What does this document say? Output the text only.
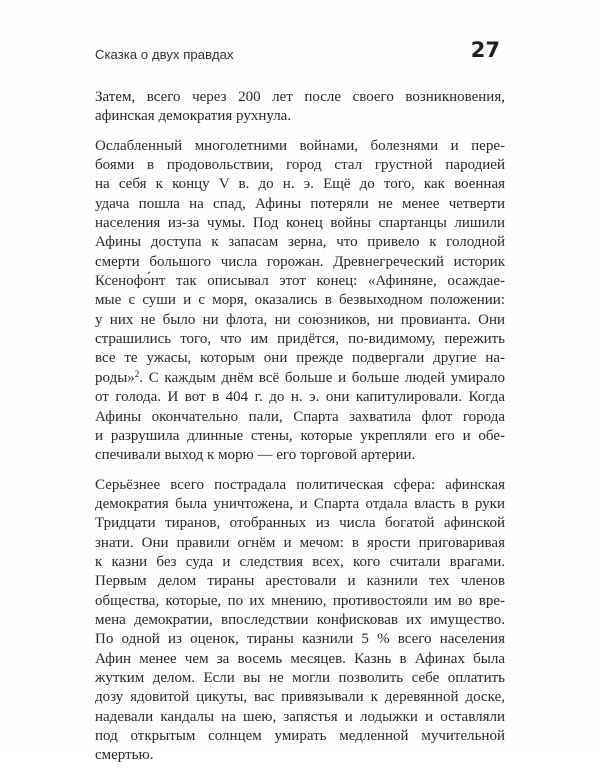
Сказка о двух правдах	27
Затем, всего через 200 лет после своего возникновения,
афинская демократия рухнула.
Ослабленный многолетними войнами, болезнями и пере-
боями в продовольствии, город стал грустной пародией
на себя к концу V в. до н. э. Ещё до того, как военная
удача пошла на спад, Афины потеряли не менее четверти
населения из-за чумы. Под конец войны спартанцы лишили
Афины доступа к запасам зерна, что привело к голодной
смерти большого числа горожан. Древнегреческий историк
Ксенофо́нт так описывал этот конец: «Афиняне, осаждае-
мые с суши и с моря, оказались в безвыходном положении:
у них не было ни флота, ни союзников, ни провианта. Они
страшились того, что им придётся, по-видимому, пережить
все те ужасы, которым они прежде подвергали другие на-
роды»$^2$. С каждым днём всё больше и больше людей умирало
от голода. И вот в 404 г. до н. э. они капитулировали. Когда
Афины окончательно пали, Спарта захватила флот города
и разрушила длинные стены, которые укрепляли его и обе-
спечивали выход к морю — его торговой артерии.
Серьёзнее всего пострадала политическая сфера: афинская
демократия была уничтожена, и Спарта отдала власть в руки
Тридцати тиранов, отобранных из числа богатой афинской
знати. Они правили огнём и мечом: в ярости приговаривая
к казни без суда и следствия всех, кого считали врагами.
Первым делом тираны арестовали и казнили тех членов
общества, которые, по их мнению, противостояли им во вре-
мена демократии, впоследствии конфисковав их имущество.
По одной из оценок, тираны казнили 5 % всего населения
Афин менее чем за восемь месяцев. Казнь в Афинах была
жутким делом. Если вы не могли позволить себе оплатить
дозу ядовитой цикуты, вас привязывали к деревянной доске,
надевали кандалы на шею, запястья и лодыжки и оставляли
под открытым солнцем умирать медленной мучительной
смертью.
